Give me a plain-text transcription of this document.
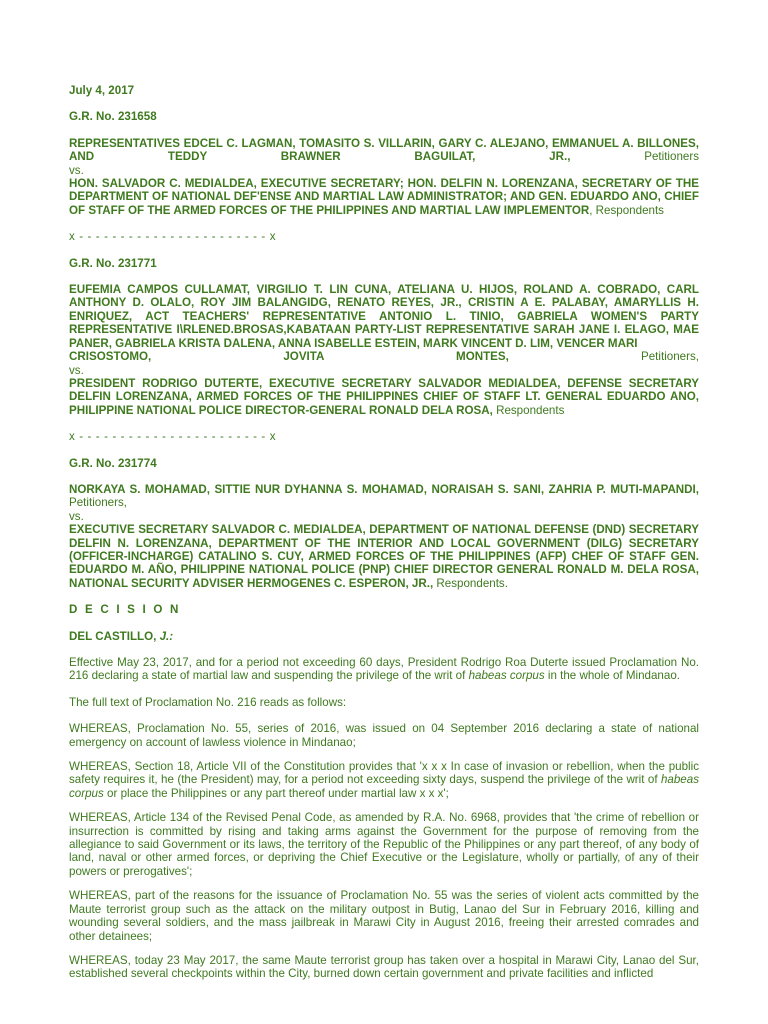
July 4, 2017

G.R. No. 231658

REPRESENTATIVES EDCEL C. LAGMAN, TOMASITO S. VILLARIN, GARY C. ALEJANO, EMMANUEL A. BILLONES,

AND TEDDY BRAWNER BAGUILAT, JR., Petitioners

vs.

HON. SALVADOR C. MEDIALDEA, EXECUTIVE SECRETARY; HON. DELFIN N. LORENZANA, SECRETARY OF THE DEPARTMENT OF NATIONAL DEF'ENSE AND MARTIAL LAW ADMINISTRATOR; AND GEN. EDUARDO ANO, CHIEF OF STAFF OF THE ARMED FORCES OF THE PHILIPPINES AND MARTIAL LAW IMPLEMENTOR, Respondents

x - - - - - - - - - - - - - - - - - - - - - - - x

G.R. No. 231771

EUFEMIA CAMPOS CULLAMAT, VIRGILIO T. LIN CUNA, ATELIANA U. HIJOS, ROLAND A. COBRADO, CARL ANTHONY D. OLALO, ROY JIM BALANGIDG, RENATO REYES, JR., CRISTIN A E. PALABAY, AMARYLLIS H. ENRIQUEZ, ACT TEACHERS' REPRESENTATIVE ANTONIO L. TINIO, GABRIELA WOMEN'S PARTY REPRESENTATIVE I\RLENED.BROSAS,KABATAAN PARTY-LIST REPRESENTATIVE SARAH JANE I. ELAGO, MAE PANER, GABRIELA KRISTA DALENA, ANNA ISABELLE ESTEIN, MARK VINCENT D. LIM, VENCER MARI

CRISOSTOMO, JOVITA MONTES, Petitioners,

vs.

PRESIDENT RODRIGO DUTERTE, EXECUTIVE SECRETARY SALVADOR MEDIALDEA, DEFENSE SECRETARY DELFIN LORENZANA, ARMED FORCES OF THE PHILIPPINES CHIEF OF STAFF LT. GENERAL EDUARDO ANO, PHILIPPINE NATIONAL POLICE DIRECTOR-GENERAL RONALD DELA ROSA, Respondents

x - - - - - - - - - - - - - - - - - - - - - - - x

G.R. No. 231774

NORKAYA S. MOHAMAD, SITTIE NUR DYHANNA S. MOHAMAD, NORAISAH S. SANI, ZAHRIA P. MUTI-MAPANDI, Petitioners,

vs.

EXECUTIVE SECRETARY SALVADOR C. MEDIALDEA, DEPARTMENT OF NATIONAL DEFENSE (DND) SECRETARY DELFIN N. LORENZANA, DEPARTMENT OF THE INTERIOR AND LOCAL GOVERNMENT (DILG) SECRETARY (OFFICER-INCHARGE) CATALINO S. CUY, ARMED FORCES OF THE PHILIPPINES (AFP) CHEF OF STAFF GEN. EDUARDO M. AÑO, PHILIPPINE NATIONAL POLICE (PNP) CHIEF DIRECTOR GENERAL RONALD M. DELA ROSA, NATIONAL SECURITY ADVISER HERMOGENES C. ESPERON, JR., Respondents.

D E C I S I O N

DEL CASTILLO, J.:

Effective May 23, 2017, and for a period not exceeding 60 days, President Rodrigo Roa Duterte issued Proclamation No. 216 declaring a state of martial law and suspending the privilege of the writ of habeas corpus in the whole of Mindanao.

The full text of Proclamation No. 216 reads as follows:

WHEREAS, Proclamation No. 55, series of 2016, was issued on 04 September 2016 declaring a state of national emergency on account of lawless violence in Mindanao;

WHEREAS, Section 18, Article VII of the Constitution provides that 'x x x In case of invasion or rebellion, when the public safety requires it, he (the President) may, for a period not exceeding sixty days, suspend the privilege of the writ of habeas corpus or place the Philippines or any part thereof under martial law x x x';

WHEREAS, Article 134 of the Revised Penal Code, as amended by R.A. No. 6968, provides that 'the crime of rebellion or insurrection is committed by rising and taking arms against the Government for the purpose of removing from the allegiance to said Government or its laws, the territory of the Republic of the Philippines or any part thereof, of any body of land, naval or other armed forces, or depriving the Chief Executive or the Legislature, wholly or partially, of any of their powers or prerogatives';

WHEREAS, part of the reasons for the issuance of Proclamation No. 55 was the series of violent acts committed by the Maute terrorist group such as the attack on the military outpost in Butig, Lanao del Sur in February 2016, killing and wounding several soldiers, and the mass jailbreak in Marawi City in August 2016, freeing their arrested comrades and other detainees;

WHEREAS, today 23 May 2017, the same Maute terrorist group has taken over a hospital in Marawi City, Lanao del Sur, established several checkpoints within the City, burned down certain government and private facilities and inflicted
